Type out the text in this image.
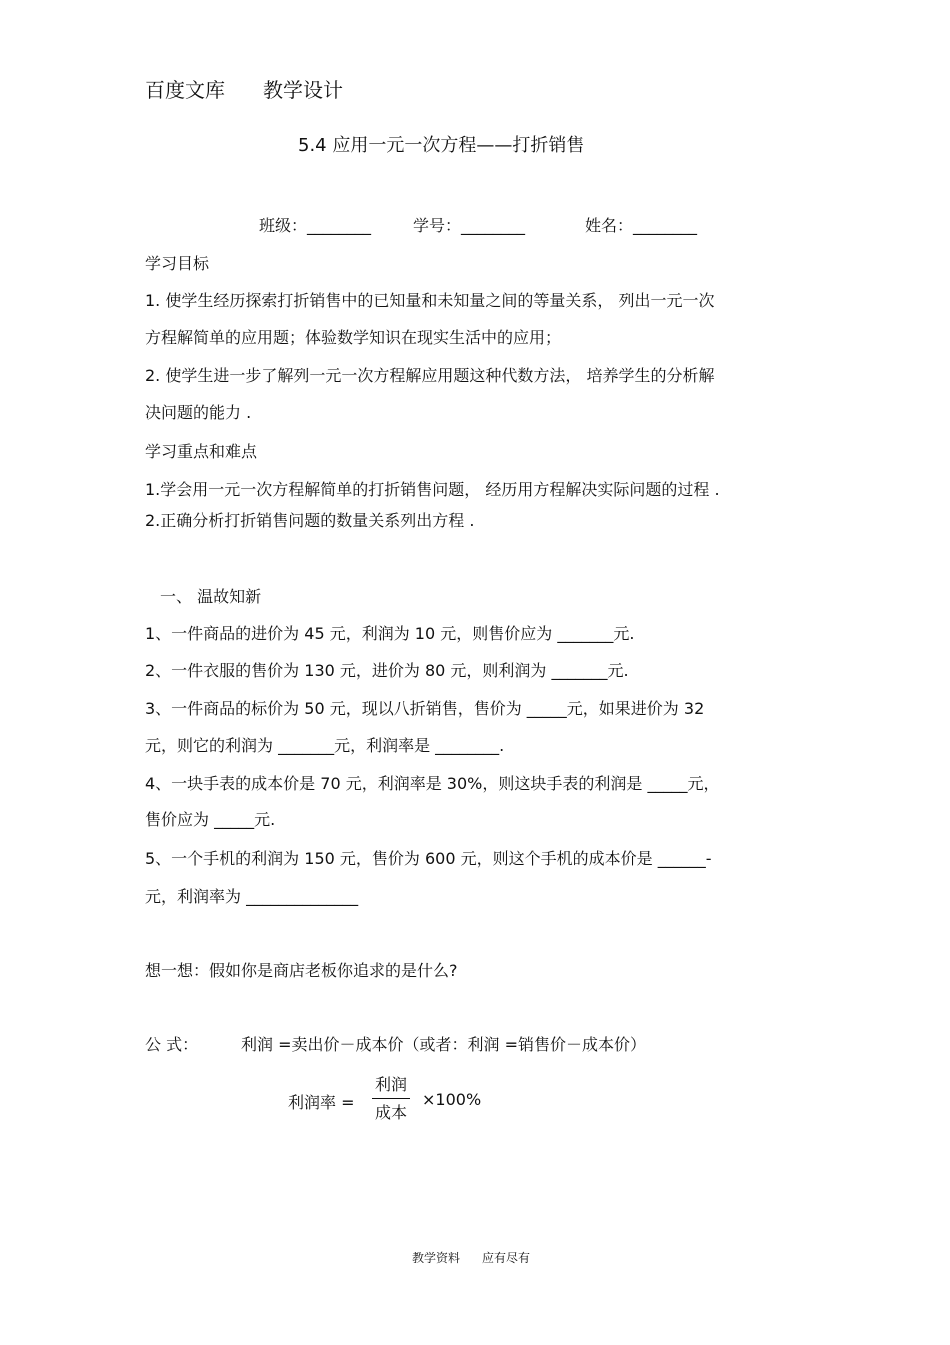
百度文库 教学设计
5.4 应用一元一次方程——打折销售
班级：________	学号：________	姓名：________
学习目标
1. 使学生经历探索打折销售中的已知量和未知量之间的等量关系， 列出一元一次
方程解简单的应用题；体验数学知识在现实生活中的应用；
2. 使学生进一步了解列一元一次方程解应用题这种代数方法， 培养学生的分析解
决问题的能力 .
学习重点和难点
1.学会用一元一次方程解简单的打折销售问题， 经历用方程解决实际问题的过程 .
2.正确分析打折销售问题的数量关系列出方程 .
一、 温故知新
1、一件商品的进价为 45 元，利润为 10 元，则售价应为 _______元.
2、一件衣服的售价为 130 元，进价为 80 元，则利润为 _______元.
3、一件商品的标价为 50 元，现以八折销售，售价为 _____元，如果进价为 32
元，则它的利润为 _______元，利润率是 ________.
4、一块手表的成本价是 70 元，利润率是 30%，则这块手表的利润是 _____元，
售价应为 _____元.
5、一个手机的利润为 150 元，售价为 600 元，则这个手机的成本价是 ______-
元，利润率为 ______________
想一想：假如你是商店老板你追求的是什么?
公 式：	利润 =卖出价－成本价（或者：利润 =销售价－成本价）
利润率 =
利润
成本
×100%
教学资料 应有尽有
